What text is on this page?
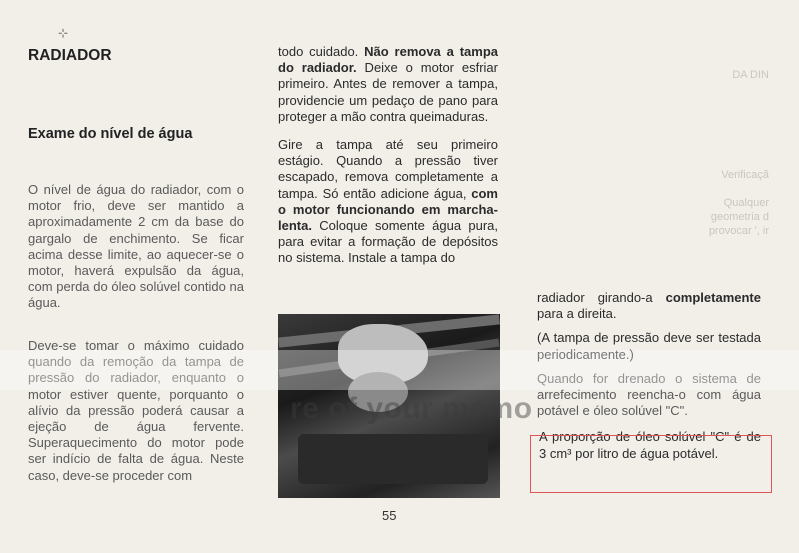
⊹
RADIADOR
Exame do nível de água

O nível de água do radiador, com o motor frio, deve ser mantido a aproximadamente 2 cm da base do gargalo de enchimento. Se ficar acima desse limite, ao aquecer-se o motor, haverá expulsão da água, com perda do óleo solúvel contido na água.

Deve-se tomar o máximo cuidado quando da remoção da tampa de pressão do radiador, enquanto o motor estiver quente, porquanto o alívio da pressão poderá causar a ejeção de água fervente. Superaquecimento do motor pode ser indício de falta de água. Neste caso, deve-se proceder com

todo cuidado. Não remova a tampa do radiador. Deixe o motor esfriar primeiro. Antes de remover a tampa, providencie um pedaço de pano para proteger a mão contra queimaduras.

Gire a tampa até seu primeiro estágio. Quando a pressão tiver escapado, remova completamente a tampa. Só então adicione água, com o motor funcionando em marcha-lenta. Coloque somente água pura, para evitar a formação de depósitos no sistema. Instale a tampa do

radiador girando-a completamente para a direita.

(A tampa de pressão deve ser testada periodicamente.)

Quando for drenado o sistema de arrefecimento reencha-o com água potável e óleo solúvel "C".

A proporção de óleo solúvel "C" é de 3 cm³ por litro de água potável.

DA DIN
Verificaçã
Qualquer geometria d provocar ', ir
re of your memo
55
